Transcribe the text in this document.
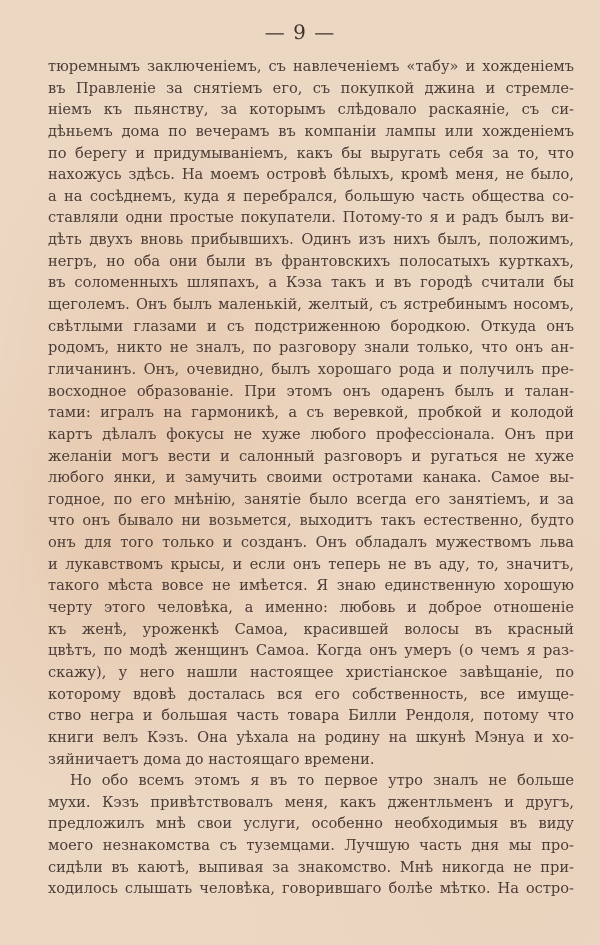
— 9 —
тюремнымъ заключеніемъ, съ навлеченіемъ «табу» и хожденіемъ
въ Правленіе за снятіемъ его, съ покупкой джина и стремле-
ніемъ къ пьянству, за которымъ слѣдовало раскаяніе, съ си-
дѣньемъ дома по вечерамъ въ компаніи лампы или хожденіемъ
по берегу и придумываніемъ, какъ бы выругать себя за то, что
нахожусь здѣсь. На моемъ островѣ бѣлыхъ, кромѣ меня, не было,
а на сосѣднемъ, куда я перебрался, большую часть общества со-
ставляли одни простые покупатели. Потому-то я и радъ былъ ви-
дѣть двухъ вновь прибывшихъ. Одинъ изъ нихъ былъ, положимъ,
негръ, но оба они были въ франтовскихъ полосатыхъ курткахъ,
въ соломенныхъ шляпахъ, а Кэза такъ и въ городѣ считали бы
щеголемъ. Онъ былъ маленькій, желтый, съ ястребинымъ носомъ,
свѣтлыми глазами и съ подстриженною бородкою. Откуда онъ
родомъ, никто не зналъ, по разговору знали только, что онъ ан-
гличанинъ. Онъ, очевидно, былъ хорошаго рода и получилъ пре-
восходное образованіе. При этомъ онъ одаренъ былъ и талан-
тами: игралъ на гармоникѣ, а съ веревкой, пробкой и колодой
картъ дѣлалъ фокусы не хуже любого профессіонала. Онъ при
желаніи могъ вести и салонный разговоръ и ругаться не хуже
любого янки, и замучить своими остротами канака. Самое вы-
годное, по его мнѣнію, занятіе было всегда его занятіемъ, и за
что онъ бывало ни возьмется, выходитъ такъ естественно, будто
онъ для того только и созданъ. Онъ обладалъ мужествомъ льва
и лукавствомъ крысы, и если онъ теперь не въ аду, то, значитъ,
такого мѣста вовсе не имѣется. Я знаю единственную хорошую
черту этого человѣка, а именно: любовь и доброе отношеніе
къ женѣ, уроженкѣ Самоа, красившей волосы въ красный
цвѣтъ, по модѣ женщинъ Самоа. Когда онъ умеръ (о чемъ я раз-
скажу), у него нашли настоящее христіанское завѣщаніе, по
которому вдовѣ досталась вся его собственность, все имуще-
ство негра и большая часть товара Билли Рендоля, потому что
книги велъ Кэзъ. Она уѣхала на родину на шкунѣ Мэнуа и хо-
зяйничаетъ дома до настоящаго времени.
Но обо всемъ этомъ я въ то первое утро зналъ не больше
мухи. Кэзъ привѣтствовалъ меня, какъ джентльменъ и другъ,
предложилъ мнѣ свои услуги, особенно необходимыя въ виду
моего незнакомства съ туземцами. Лучшую часть дня мы про-
сидѣли въ каютѣ, выпивая за знакомство. Мнѣ никогда не при-
ходилось слышать человѣка, говорившаго болѣе мѣтко. На остро-
